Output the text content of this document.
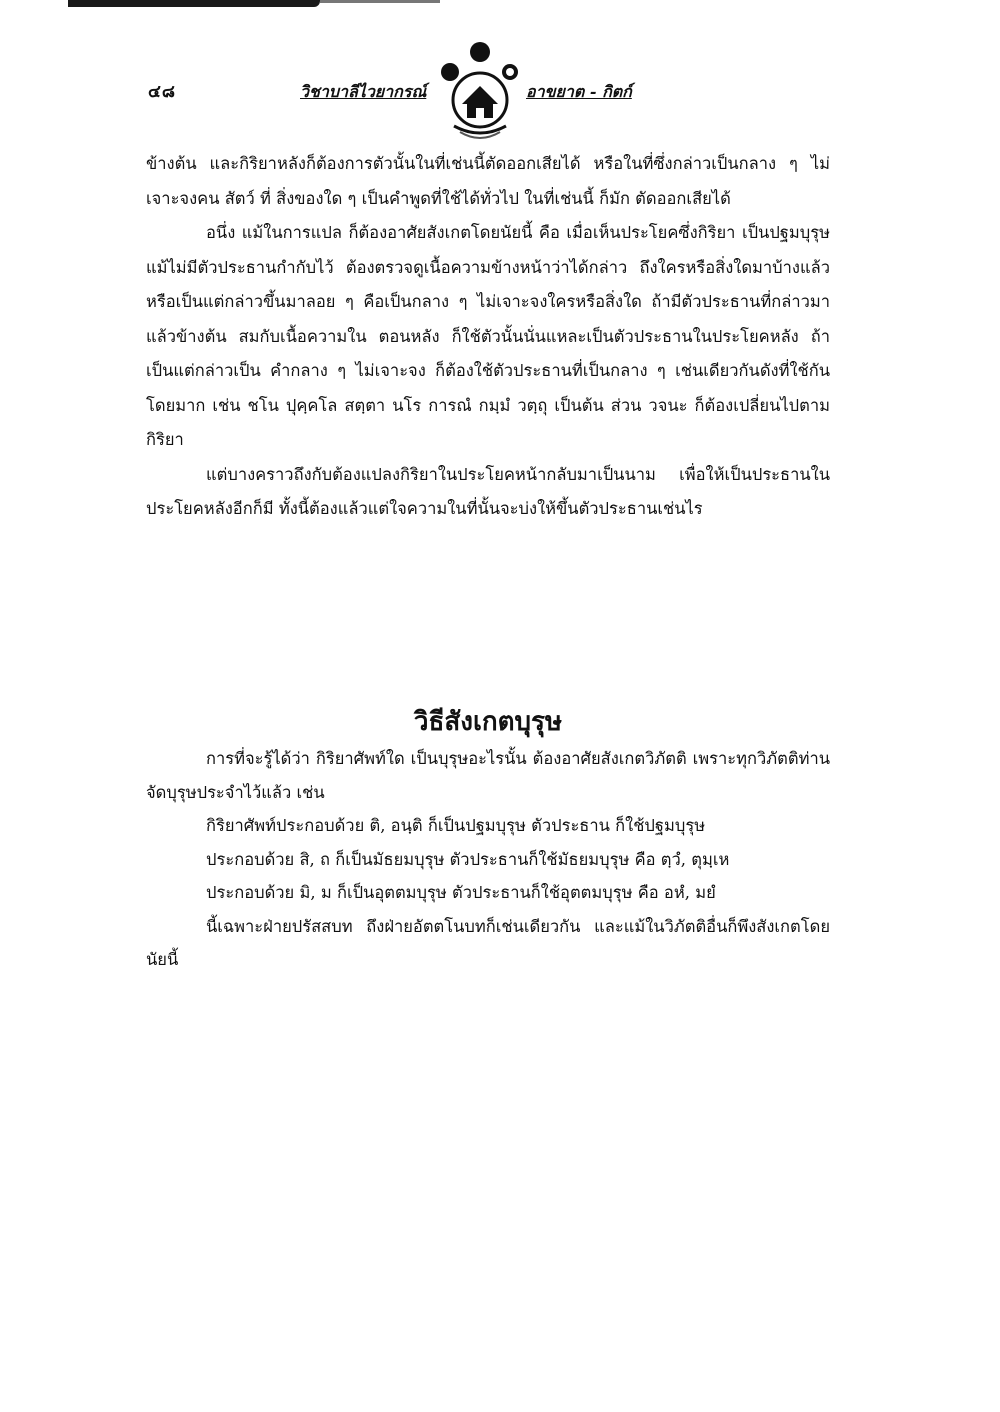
๔๘	วิชาบาลีไวยากรณ์	อาขยาต - กิตก์

ข้างต้น และกิริยาหลังก็ต้องการตัวนั้นในที่เช่นนี้ตัดออกเสียได้ หรือในที่ซึ่งกล่าวเป็นกลาง ๆ ไม่เจาะจงคน สัตว์ ที่ สิ่งของใด ๆ เป็นคำพูดที่ใช้ได้ทั่วไป ในที่เช่นนี้ ก็มัก ตัดออกเสียได้

อนึ่ง แม้ในการแปล ก็ต้องอาศัยสังเกตโดยนัยนี้ คือ เมื่อเห็นประโยคซึ่งกิริยา เป็นปฐมบุรุษ แม้ไม่มีตัวประธานกำกับไว้ ต้องตรวจดูเนื้อความข้างหน้าว่าได้กล่าว ถึงใครหรือสิ่งใดมาบ้างแล้ว หรือเป็นแต่กล่าวขึ้นมาลอย ๆ คือเป็นกลาง ๆ ไม่เจาะจงใครหรือสิ่งใด ถ้ามีตัวประธานที่กล่าวมาแล้วข้างต้น สมกับเนื้อความใน ตอนหลัง ก็ใช้ตัวนั้นนั่นแหละเป็นตัวประธานในประโยคหลัง ถ้าเป็นแต่กล่าวเป็น คำกลาง ๆ ไม่เจาะจง ก็ต้องใช้ตัวประธานที่เป็นกลาง ๆ เช่นเดียวกันดังที่ใช้กัน โดยมาก เช่น ชโน ปุคฺคโล สตฺตา นโร การณํ กมฺมํ วตฺถุ เป็นต้น ส่วน วจนะ ก็ต้องเปลี่ยนไปตามกิริยา

แต่บางคราวถึงกับต้องแปลงกิริยาในประโยคหน้ากลับมาเป็นนาม เพื่อให้เป็นประธานในประโยคหลังอีกก็มี ทั้งนี้ต้องแล้วแต่ใจความในที่นั้นจะบ่งให้ขึ้นตัวประธานเช่นไร

วิธีสังเกตบุรุษ

การที่จะรู้ได้ว่า กิริยาศัพท์ใด เป็นบุรุษอะไรนั้น ต้องอาศัยสังเกตวิภัตติ เพราะทุกวิภัตติท่านจัดบุรุษประจำไว้แล้ว เช่น

กิริยาศัพท์ประกอบด้วย ติ, อนฺติ ก็เป็นปฐมบุรุษ ตัวประธาน ก็ใช้ปฐมบุรุษ

ประกอบด้วย สิ, ถ ก็เป็นมัธยมบุรุษ ตัวประธานก็ใช้มัธยมบุรุษ คือ ตฺวํ, ตุมฺเห

ประกอบด้วย มิ, ม ก็เป็นอุตตมบุรุษ ตัวประธานก็ใช้อุตตมบุรุษ คือ อหํ, มยํ

นี้เฉพาะฝ่ายปรัสสบท ถึงฝ่ายอัตตโนบทก็เช่นเดียวกัน และแม้ในวิภัตติอื่นก็พึงสังเกตโดยนัยนี้
